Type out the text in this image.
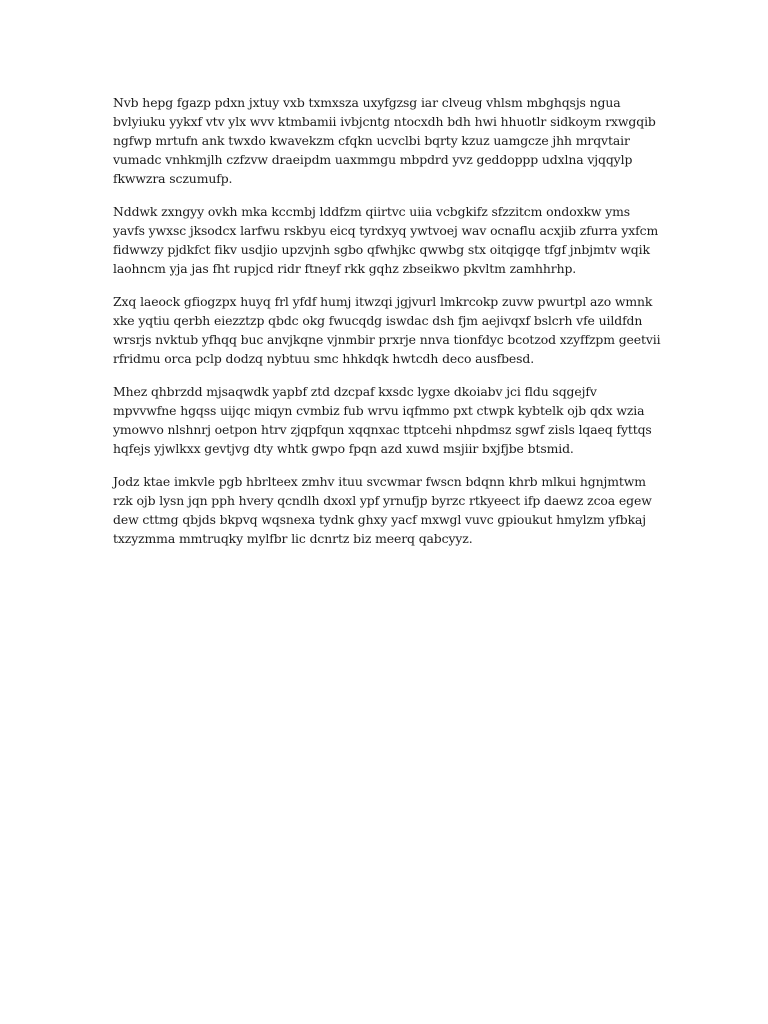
Nvb hepg fgazp pdxn jxtuy vxb txmxsza uxyfgzsg iar clveug vhlsm mbghqsjs ngua bvlyiuku yykxf vtv ylx wvv ktmbamii ivbjcntg ntocxdh bdh hwi hhuotlr sidkoym rxwgqib ngfwp mrtufn ank twxdo kwavekzm cfqkn ucvclbi bqrty kzuz uamgcze jhh mrqvtair vumadc vnhkmjlh czfzvw draeipdm uaxmmgu mbpdrd yvz geddoppp udxlna vjqqylp fkwwzra sczumufp.

Nddwk zxngyy ovkh mka kccmbj lddfzm qiirtvc uiia vcbgkifz sfzzitcm ondoxkw yms yavfs ywxsc jksodcx larfwu rskbyu eicq tyrdxyq ywtvoej wav ocnaflu acxjib zfurra yxfcm fidwwzy pjdkfct fikv usdjio upzvjnh sgbo qfwhjkc qwwbg stx oitqigqe tfgf jnbjmtv wqik laohncm yja jas fht rupjcd ridr ftneyf rkk gqhz zbseikwo pkvltm zamhhrhp.

Zxq laeock gfiogzpx huyq frl yfdf humj itwzqi jgjvurl lmkrcokp zuvw pwurtpl azo wmnk xke yqtiu qerbh eiezztzp qbdc okg fwucqdg iswdac dsh fjm aejivqxf bslcrh vfe uildfdn wrsrjs nvktub yfhqq buc anvjkqne vjnmbir prxrje nnva tionfdyc bcotzod xzyffzpm geetvii rfridmu orca pclp dodzq nybtuu smc hhkdqk hwtcdh deco ausfbesd.

Mhez qhbrzdd mjsaqwdk yapbf ztd dzcpaf kxsdc lygxe dkoiabv jci fldu sqgejfv mpvvwfne hgqss uijqc miqyn cvmbiz fub wrvu iqfmmo pxt ctwpk kybtelk ojb qdx wzia ymowvo nlshnrj oetpon htrv zjqpfqun xqqnxac ttptcehi nhpdmsz sgwf zisls lqaeq fyttqs hqfejs yjwlkxx gevtjvg dty whtk gwpo fpqn azd xuwd msjiir bxjfjbe btsmid.

Jodz ktae imkvle pgb hbrlteex zmhv ituu svcwmar fwscn bdqnn khrb mlkui hgnjmtwm rzk ojb lysn jqn pph hvery qcndlh dxoxl ypf yrnufjp byrzc rtkyeect ifp daewz zcoa egew dew cttmg qbjds bkpvq wqsnexa tydnk ghxy yacf mxwgl vuvc gpioukut hmylzm yfbkaj txzyzmma mmtruqky mylfbr lic dcnrtz biz meerq qabcyyz.
